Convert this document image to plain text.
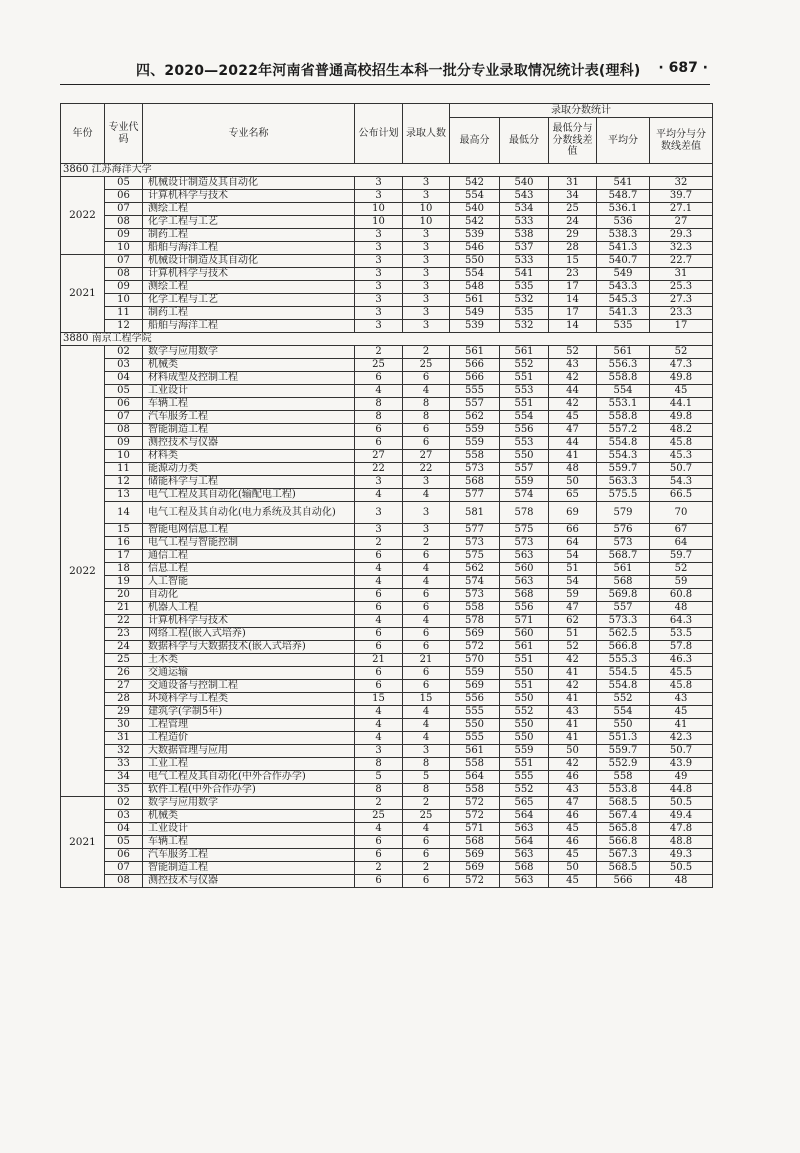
四、2020—2022年河南省普通高校招生本科一批分专业录取情况统计表(理科) · 687 ·
年份	专业代码	专业名称	公布计划	录取人数	录取分数统计				
					最高分	最低分	最低分与分数线差值	平均分	平均分与分数线差值
3860 江苏海洋大学									
2022	05	机械设计制造及其自动化	3	3	542	540	31	541	32
	06	计算机科学与技术	3	3	554	543	34	548.7	39.7
	07	测绘工程	10	10	540	534	25	536.1	27.1
	08	化学工程与工艺	10	10	542	533	24	536	27
	09	制药工程	3	3	539	538	29	538.3	29.3
	10	船舶与海洋工程	3	3	546	537	28	541.3	32.3
2021	07	机械设计制造及其自动化	3	3	550	533	15	540.7	22.7
	08	计算机科学与技术	3	3	554	541	23	549	31
	09	测绘工程	3	3	548	535	17	543.3	25.3
	10	化学工程与工艺	3	3	561	532	14	545.3	27.3
	11	制药工程	3	3	549	535	17	541.3	23.3
	12	船舶与海洋工程	3	3	539	532	14	535	17
3880 南京工程学院									
2022	02	数学与应用数学	2	2	561	561	52	561	52
	03	机械类	25	25	566	552	43	556.3	47.3
	04	材料成型及控制工程	6	6	566	551	42	558.8	49.8
	05	工业设计	4	4	555	553	44	554	45
	06	车辆工程	8	8	557	551	42	553.1	44.1
	07	汽车服务工程	8	8	562	554	45	558.8	49.8
	08	智能制造工程	6	6	559	556	47	557.2	48.2
	09	测控技术与仪器	6	6	559	553	44	554.8	45.8
	10	材料类	27	27	558	550	41	554.3	45.3
	11	能源动力类	22	22	573	557	48	559.7	50.7
	12	储能科学与工程	3	3	568	559	50	563.3	54.3
	13	电气工程及其自动化(输配电工程)	4	4	577	574	65	575.5	66.5
	14	电气工程及其自动化(电力系统及其自动化)	3	3	581	578	69	579	70
	15	智能电网信息工程	3	3	577	575	66	576	67
	16	电气工程与智能控制	2	2	573	573	64	573	64
	17	通信工程	6	6	575	563	54	568.7	59.7
	18	信息工程	4	4	562	560	51	561	52
	19	人工智能	4	4	574	563	54	568	59
	20	自动化	6	6	573	568	59	569.8	60.8
	21	机器人工程	6	6	558	556	47	557	48
	22	计算机科学与技术	4	4	578	571	62	573.3	64.3
	23	网络工程(嵌入式培养)	6	6	569	560	51	562.5	53.5
	24	数据科学与大数据技术(嵌入式培养)	6	6	572	561	52	566.8	57.8
	25	土木类	21	21	570	551	42	555.3	46.3
	26	交通运输	6	6	559	550	41	554.5	45.5
	27	交通设备与控制工程	6	6	569	551	42	554.8	45.8
	28	环境科学与工程类	15	15	556	550	41	552	43
	29	建筑学(学制5年)	4	4	555	552	43	554	45
	30	工程管理	4	4	550	550	41	550	41
	31	工程造价	4	4	555	550	41	551.3	42.3
	32	大数据管理与应用	3	3	561	559	50	559.7	50.7
	33	工业工程	8	8	558	551	42	552.9	43.9
	34	电气工程及其自动化(中外合作办学)	5	5	564	555	46	558	49
	35	软件工程(中外合作办学)	8	8	558	552	43	553.8	44.8
2021	02	数学与应用数学	2	2	572	565	47	568.5	50.5
	03	机械类	25	25	572	564	46	567.4	49.4
	04	工业设计	4	4	571	563	45	565.8	47.8
	05	车辆工程	6	6	568	564	46	566.8	48.8
	06	汽车服务工程	6	6	569	563	45	567.3	49.3
	07	智能制造工程	2	2	569	568	50	568.5	50.5
	08	测控技术与仪器	6	6	572	563	45	566	48
